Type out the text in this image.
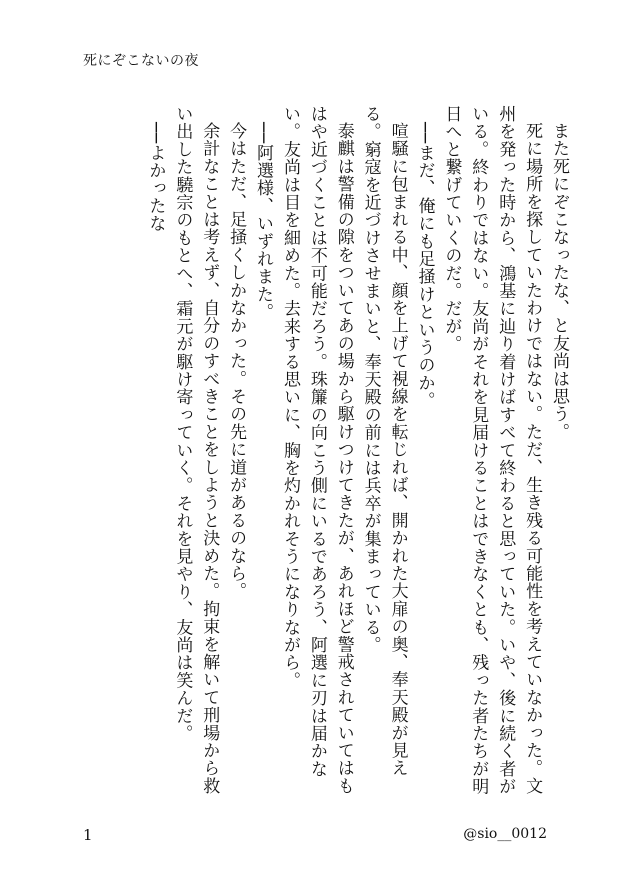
死にぞこないの夜

また死にぞこなったな、と友尚は思う。

死に場所を探していたわけではない。ただ、生き残る可能性を考えていなかった。文州を発った時から、鴻基に辿り着けばすべて終わると思っていた。いや、後に続く者がいる。終わりではない。友尚がそれを見届けることはできなくとも、残った者たちが明日へと繋げていくのだ。だが。

──まだ、俺にも足掻けというのか。

喧騒に包まれる中、顔を上げて視線を転じれば、開かれた大扉の奥、奉天殿が見える。窮寇を近づけさせまいと、奉天殿の前には兵卒が集まっている。

泰麒は警備の隙をついてあの場から駆けつけてきたが、あれほど警戒されていてはもはや近づくことは不可能だろう。珠簾の向こう側にいるであろう、阿選に刃は届かない。友尚は目を細めた。去来する思いに、胸を灼かれそうになりながら。

──阿選様、いずれまた。

今はただ、足掻くしかなかった。その先に道があるのなら。

余計なことは考えず、自分のすべきことをしようと決めた。拘束を解いて刑場から救い出した驍宗のもとへ、霜元が駆け寄っていく。それを見やり、友尚は笑んだ。

──よかったな

1	@sio__0012
